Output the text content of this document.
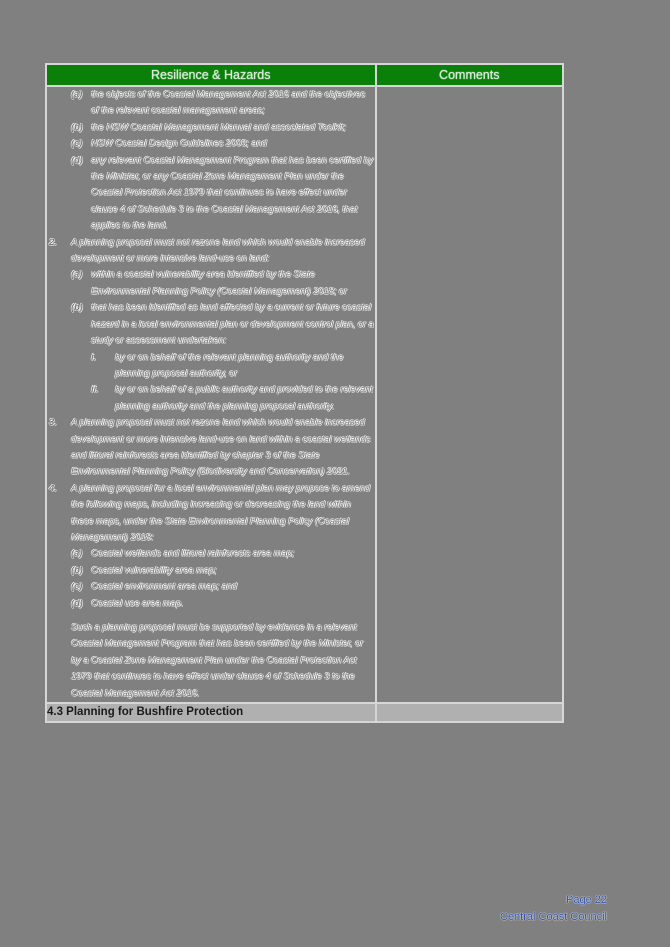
Resilience & Hazards	Comments

(a) the objects of the Coastal Management Act 2016 and the objectives of the relevant coastal management areas;
(b) the NSW Coastal Management Manual and associated Toolkit;
(c) NSW Coastal Design Guidelines 2003; and
(d) any relevant Coastal Management Program that has been certified by the Minister, or any Coastal Zone Management Plan under the Coastal Protection Act 1979 that continues to have effect under clause 4 of Schedule 3 to the Coastal Management Act 2016, that applies to the land.
2.	A planning proposal must not rezone land which would enable increased development or more intensive land-use on land:
(a) within a coastal vulnerability area identified by the State Environmental Planning Policy (Coastal Management) 2018; or
(b) that has been identified as land affected by a current or future coastal hazard in a local environmental plan or development control plan, or a study or assessment undertaken:
i.	by or on behalf of the relevant planning authority and the planning proposal authority, or
ii.	by or on behalf of a public authority and provided to the relevant planning authority and the planning proposal authority.
3.	A planning proposal must not rezone land which would enable increased development or more intensive land-use on land within a coastal wetlands and littoral rainforests area identified by chapter 3 of the State Environmental Planning Policy (Biodiversity and Conservation) 2021.
4.	A planning proposal for a local environmental plan may propose to amend the following maps, including increasing or decreasing the land within these maps, under the State Environmental Planning Policy (Coastal Management) 2018:
(a) Coastal wetlands and littoral rainforests area map;
(b) Coastal vulnerability area map;
(c) Coastal environment area map; and
(d) Coastal use area map.
Such a planning proposal must be supported by evidence in a relevant Coastal Management Program that has been certified by the Minister, or by a Coastal Zone Management Plan under the Coastal Protection Act 1979 that continues to have effect under clause 4 of Schedule 3 to the Coastal Management Act 2016.

4.3 Planning for Bushfire Protection	
Page 22
Central Coast Council
